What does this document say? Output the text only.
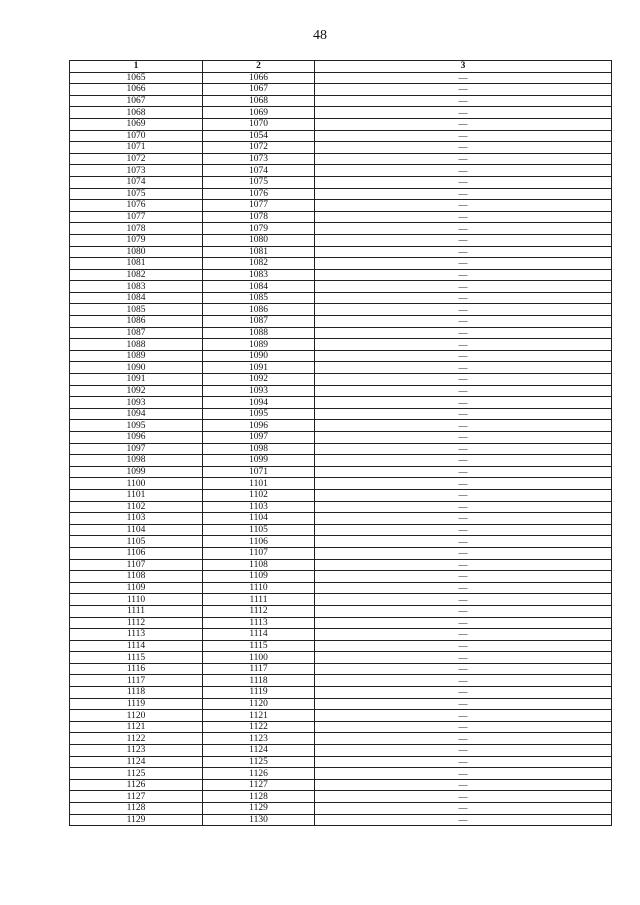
48
1	2	3
1065	1066	—
1066	1067	—
1067	1068	—
1068	1069	—
1069	1070	—
1070	1054	—
1071	1072	—
1072	1073	—
1073	1074	—
1074	1075	—
1075	1076	—
1076	1077	—
1077	1078	—
1078	1079	—
1079	1080	—
1080	1081	—
1081	1082	—
1082	1083	—
1083	1084	—
1084	1085	—
1085	1086	—
1086	1087	—
1087	1088	—
1088	1089	—
1089	1090	—
1090	1091	—
1091	1092	—
1092	1093	—
1093	1094	—
1094	1095	—
1095	1096	—
1096	1097	—
1097	1098	—
1098	1099	—
1099	1071	—
1100	1101	—
1101	1102	—
1102	1103	—
1103	1104	—
1104	1105	—
1105	1106	—
1106	1107	—
1107	1108	—
1108	1109	—
1109	1110	—
1110	1111	—
1111	1112	—
1112	1113	—
1113	1114	—
1114	1115	—
1115	1100	—
1116	1117	—
1117	1118	—
1118	1119	—
1119	1120	—
1120	1121	—
1121	1122	—
1122	1123	—
1123	1124	—
1124	1125	—
1125	1126	—
1126	1127	—
1127	1128	—
1128	1129	—
1129	1130	—
